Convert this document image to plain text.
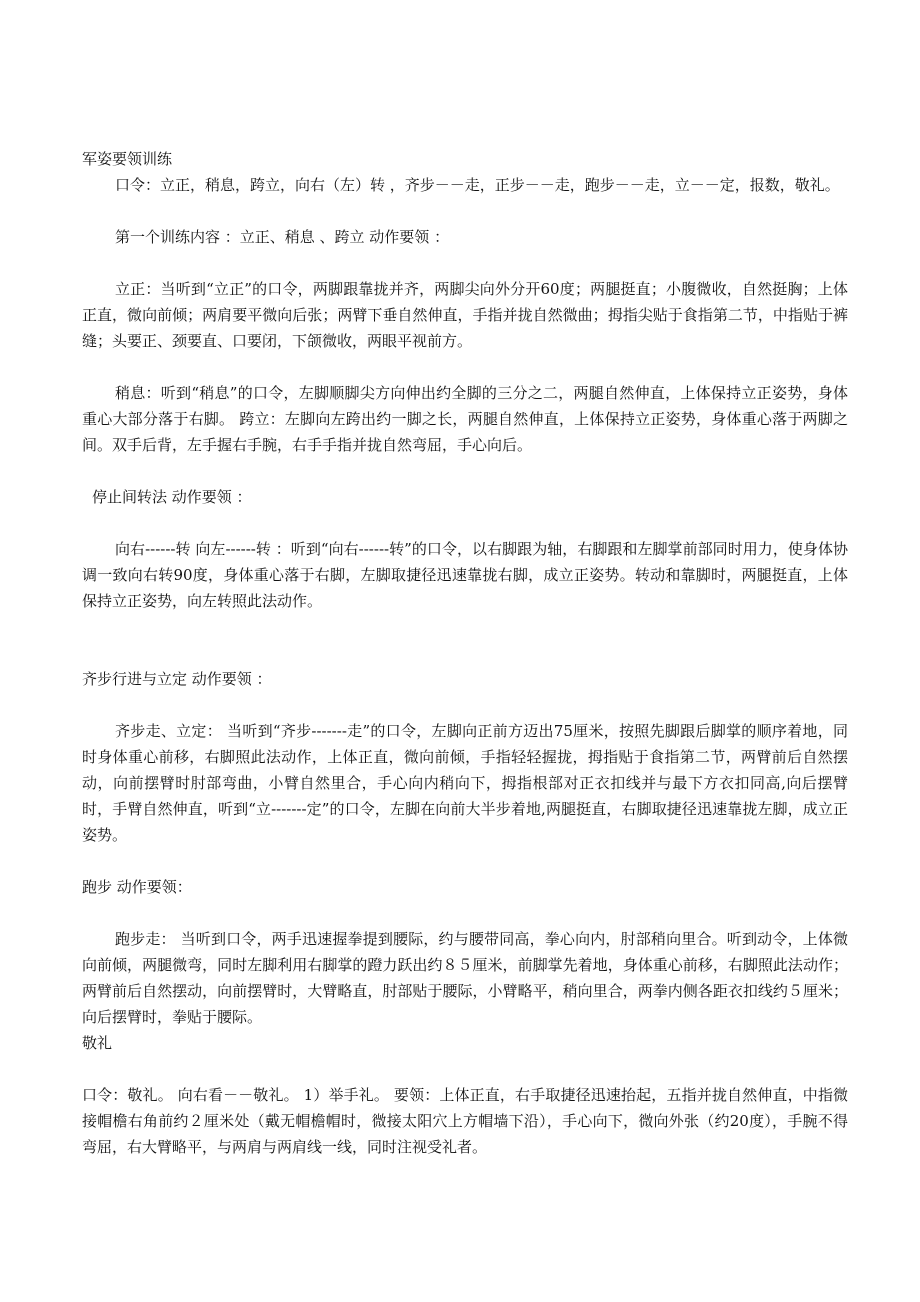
军姿要领训练

口令：立正，稍息，跨立，向右（左）转 ，齐步－－走，正步－－走，跑步－－走，立－－定，报数，敬礼。

第一个训练内容 ：立正、稍息 、跨立 动作要领 ：

立正：当听到“立正”的口令，两脚跟靠拢并齐，两脚尖向外分开60度；两腿挺直；小腹微收，自然挺胸；上体正直，微向前倾；两肩要平微向后张；两臂下垂自然伸直，手指并拢自然微曲；拇指尖贴于食指第二节，中指贴于裤缝；头要正、颈要直、口要闭，下颌微收，两眼平视前方。

稍息：听到“稍息”的口令，左脚顺脚尖方向伸出约全脚的三分之二，两腿自然伸直，上体保持立正姿势，身体重心大部分落于右脚。 跨立：左脚向左跨出约一脚之长，两腿自然伸直，上体保持立正姿势，身体重心落于两脚之间。双手后背，左手握右手腕，右手手指并拢自然弯屈，手心向后。

停止间转法 动作要领 ：

向右------转 向左------转 ：听到“向右------转”的口令，以右脚跟为轴，右脚跟和左脚掌前部同时用力，使身体协调一致向右转90度，身体重心落于右脚，左脚取捷径迅速靠拢右脚，成立正姿势。转动和靠脚时，两腿挺直，上体保持立正姿势，向左转照此法动作。

齐步行进与立定 动作要领 ：

齐步走、立定： 当听到“齐步-------走”的口令，左脚向正前方迈出75厘米，按照先脚跟后脚掌的顺序着地，同时身体重心前移，右脚照此法动作，上体正直，微向前倾，手指轻轻握拢，拇指贴于食指第二节，两臂前后自然摆动，向前摆臂时肘部弯曲，小臂自然里合，手心向内稍向下，拇指根部对正衣扣线并与最下方衣扣同高,向后摆臂时，手臂自然伸直，听到“立-------定”的口令，左脚在向前大半步着地,两腿挺直，右脚取捷径迅速靠拢左脚，成立正姿势。

跑步 动作要领：

跑步走： 当听到口令，两手迅速握拳提到腰际，约与腰带同高，拳心向内，肘部稍向里合。听到动令，上体微向前倾，两腿微弯，同时左脚利用右脚掌的蹬力跃出约８５厘米，前脚掌先着地，身体重心前移，右脚照此法动作；两臂前后自然摆动，向前摆臂时，大臂略直，肘部贴于腰际，小臂略平，稍向里合，两拳内侧各距衣扣线约５厘米；向后摆臂时，拳贴于腰际。

敬礼

口令：敬礼。 向右看－－敬礼。 1）举手礼。 要领：上体正直，右手取捷径迅速抬起，五指并拢自然伸直，中指微接帽檐右角前约２厘米处（戴无帽檐帽时，微接太阳穴上方帽墙下沿），手心向下，微向外张（约20度），手腕不得弯屈，右大臂略平，与两肩与两肩线一线，同时注视受礼者。
